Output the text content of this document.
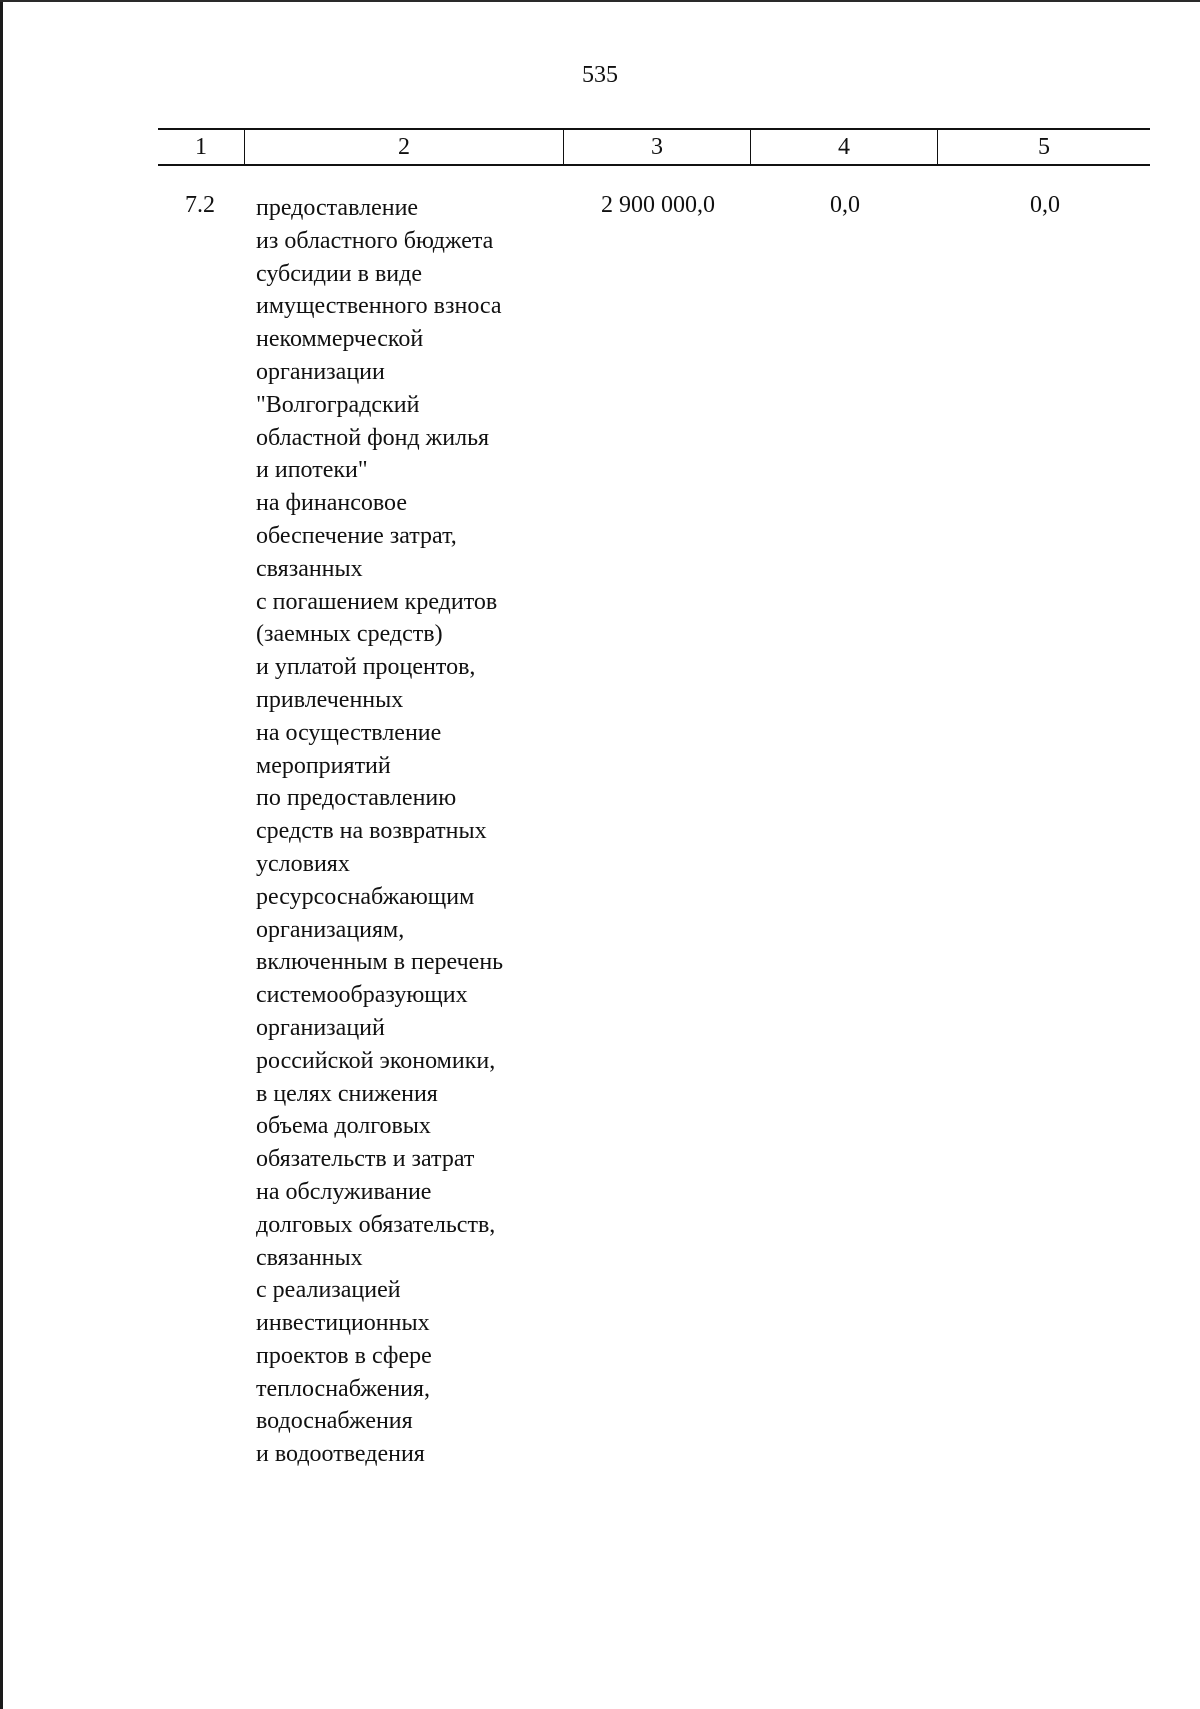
535
1	2	3	4	5
7.2 предоставление
из областного бюджета
субсидии в виде
имущественного взноса
некоммерческой
организации
"Волгоградский
областной фонд жилья
и ипотеки"
на финансовое
обеспечение затрат,
связанных
с погашением кредитов
(заемных средств)
и уплатой процентов,
привлеченных
на осуществление
мероприятий
по предоставлению
средств на возвратных
условиях
ресурсоснабжающим
организациям,
включенным в перечень
системообразующих
организаций
российской экономики,
в целях снижения
объема долговых
обязательств и затрат
на обслуживание
долговых обязательств,
связанных
с реализацией
инвестиционных
проектов в сфере
теплоснабжения,
водоснабжения
и водоотведения
2 900 000,0	0,0	0,0
